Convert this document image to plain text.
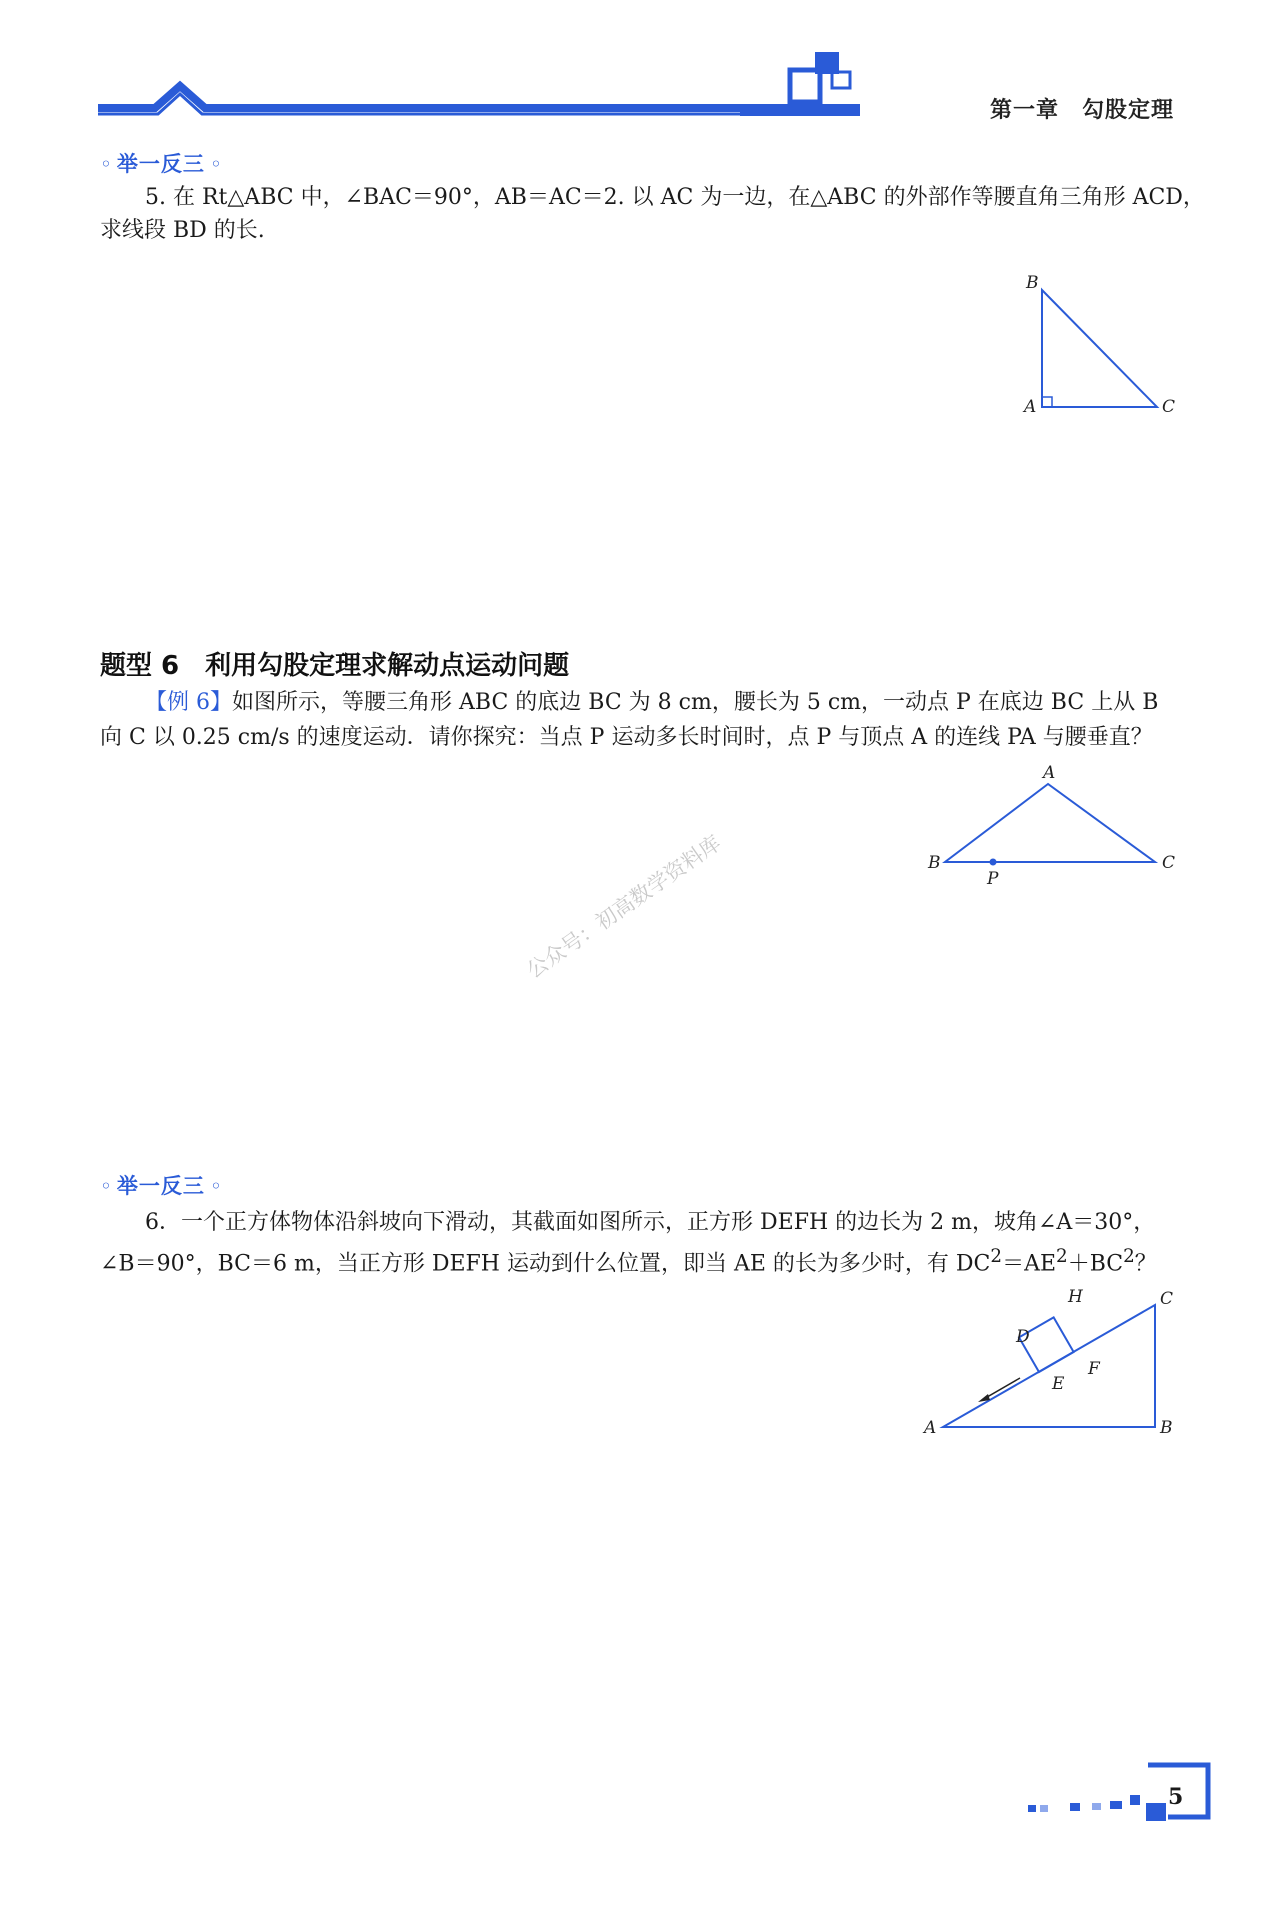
第一章　勾股定理
◦ 举一反三 ◦
5. 在 Rt△ABC 中，∠BAC＝90°，AB＝AC＝2. 以 AC 为一边，在△ABC 的外部作等腰直角三角形 ACD，
求线段 BD 的长.
B
A	C
题型 6　利用勾股定理求解动点运动问题
【例 6】如图所示，等腰三角形 ABC 的底边 BC 为 8 cm，腰长为 5 cm，一动点 P 在底边 BC 上从 B
向 C 以 0.25 cm/s 的速度运动．请你探究：当点 P 运动多长时间时，点 P 与顶点 A 的连线 PA 与腰垂直？
A
B
P
C
公众号：初高数学资料库
◦ 举一反三 ◦
6．一个正方体物体沿斜坡向下滑动，其截面如图所示，正方形 DEFH 的边长为 2 m，坡角∠A＝30°，
∠B＝90°，BC＝6 m，当正方形 DEFH 运动到什么位置，即当 AE 的长为多少时，有 $DC^2=AE^2+BC^2$？
H	C
D
F
E
A	B
5
